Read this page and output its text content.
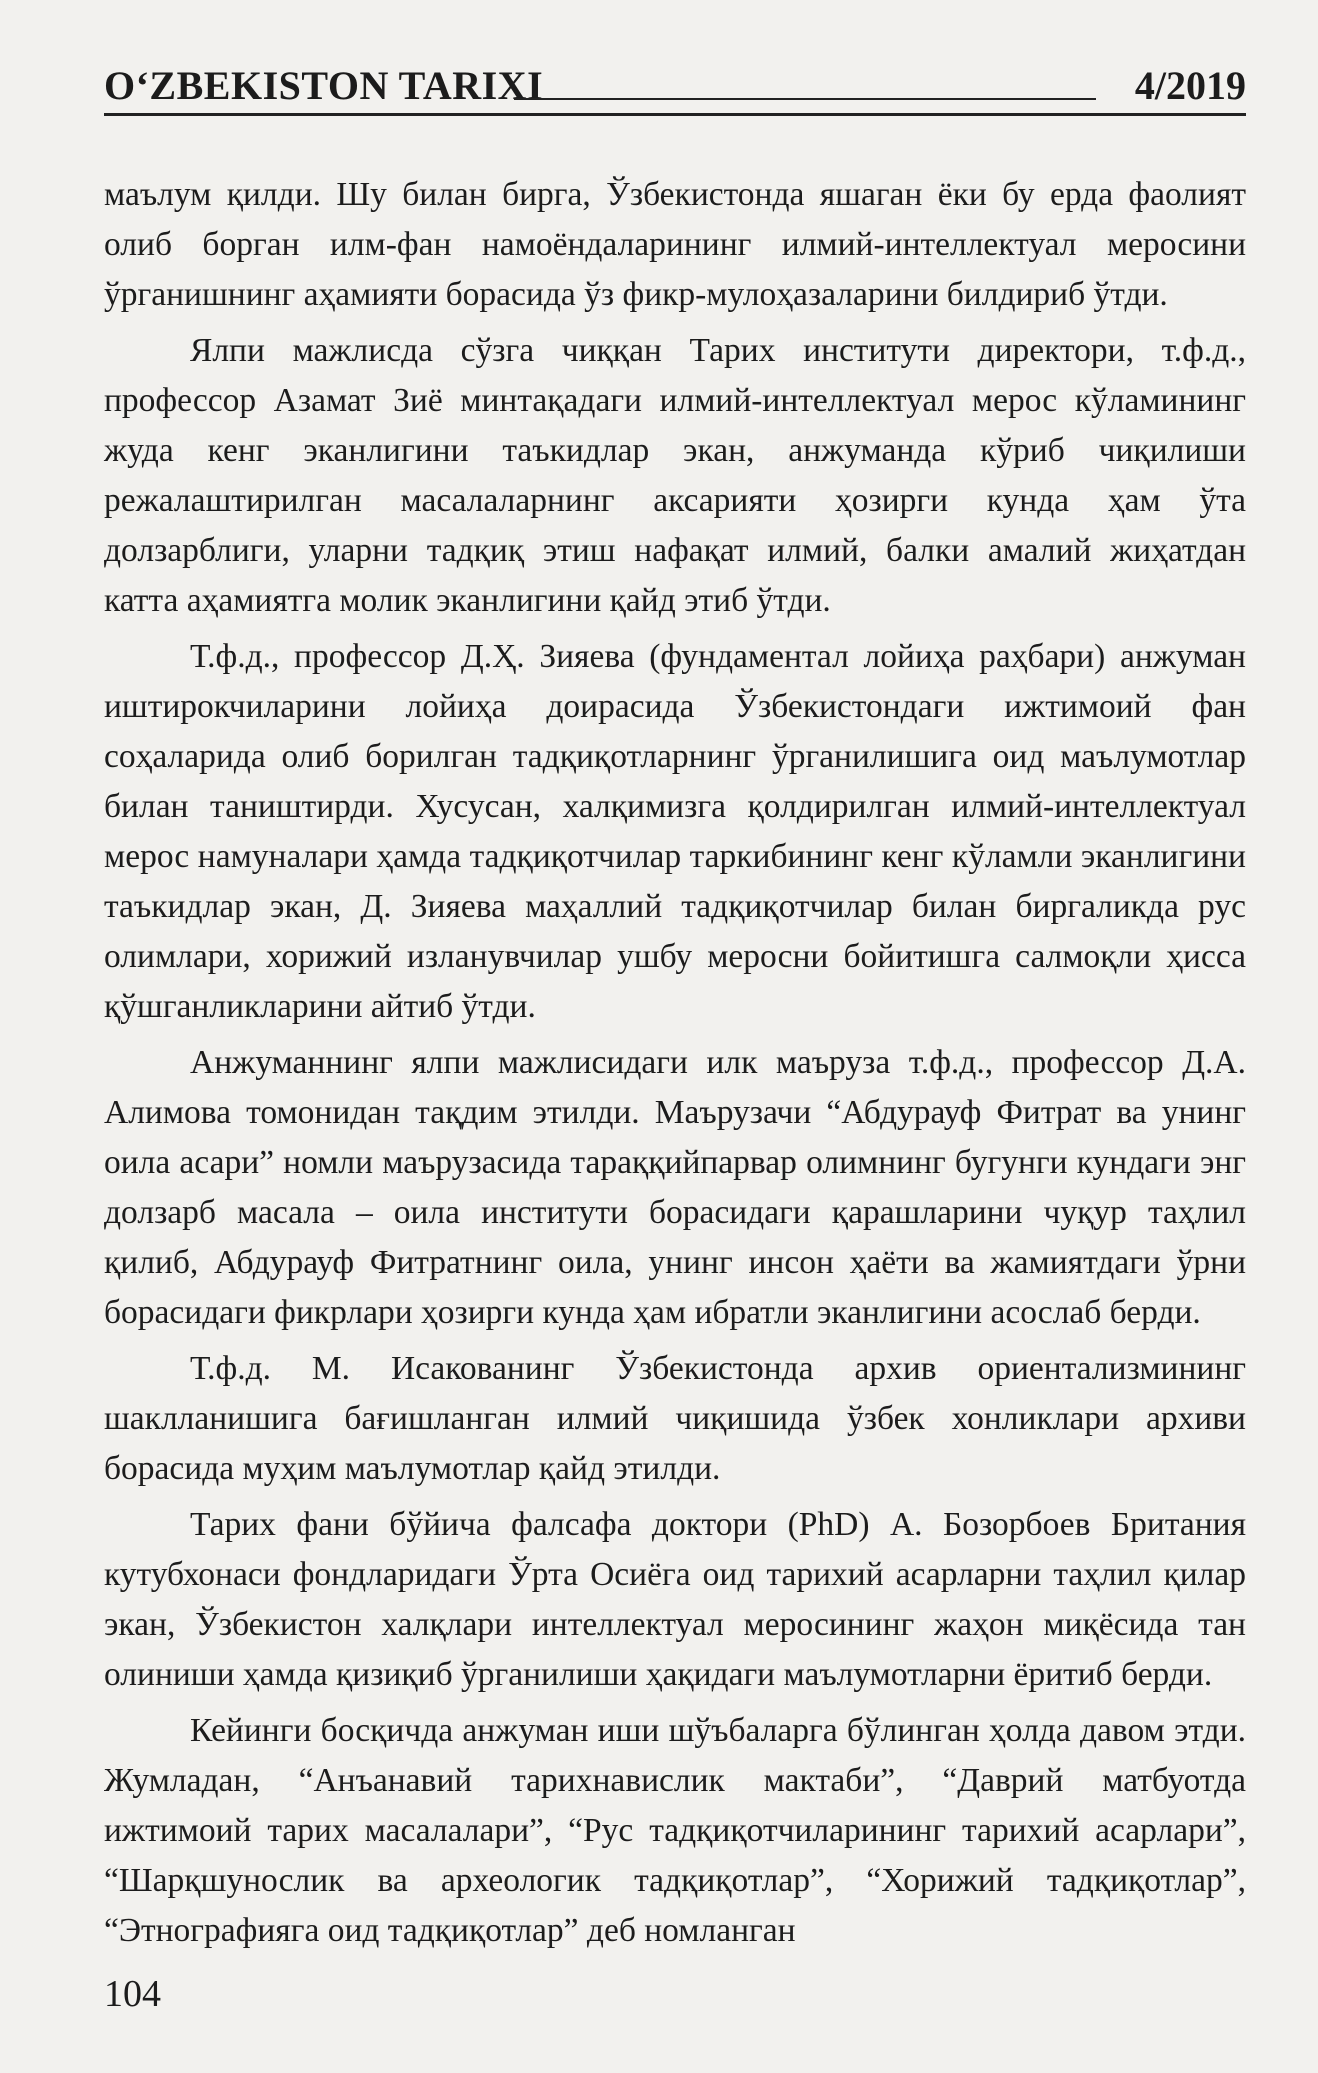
O‘ZBEKISTON TARIXI	4/2019

маълум қилди. Шу билан бирга, Ўзбекистонда яшаган ёки бу ерда фаолият олиб борган илм-фан намоёндаларининг илмий-интеллектуал меросини ўрганишнинг аҳамияти борасида ўз фикр-мулоҳазаларини билдириб ўтди.

Ялпи мажлисда сўзга чиққан Тарих институти директори, т.ф.д., профессор Азамат Зиё минтақадаги илмий-интеллектуал мерос кўламининг жуда кенг эканлигини таъкидлар экан, анжуманда кўриб чиқилиши режалаштирилган масалаларнинг аксарияти ҳозирги кунда ҳам ўта долзарблиги, уларни тадқиқ этиш нафақат илмий, балки амалий жиҳатдан катта аҳамиятга молик эканлигини қайд этиб ўтди.

Т.ф.д., профессор Д.Ҳ. Зияева (фундаментал лойиҳа раҳбари) анжуман иштирокчиларини лойиҳа доирасида Ўзбекистондаги ижтимоий фан соҳаларида олиб борилган тадқиқотларнинг ўрганилишига оид маълумотлар билан таништирди. Хусусан, халқимизга қолдирилган илмий-интеллектуал мерос намуналари ҳамда тадқиқотчилар таркибининг кенг кўламли эканлигини таъкидлар экан, Д. Зияева маҳаллий тадқиқотчилар билан биргаликда рус олимлари, хорижий изланувчилар ушбу меросни бойитишга салмоқли ҳисса қўшганликларини айтиб ўтди.

Анжуманнинг ялпи мажлисидаги илк маъруза т.ф.д., профессор Д.А. Алимова томонидан тақдим этилди. Маърузачи “Абдурауф Фитрат ва унинг оила асари” номли маърузасида тараққийпарвар олимнинг бугунги кундаги энг долзарб масала – оила институти борасидаги қарашларини чуқур таҳлил қилиб, Абдурауф Фитратнинг оила, унинг инсон ҳаёти ва жамиятдаги ўрни борасидаги фикрлари ҳозирги кунда ҳам ибратли эканлигини асослаб берди.

Т.ф.д. М. Исакованинг Ўзбекистонда архив ориентализмининг шаклланишига бағишланган илмий чиқишида ўзбек хонликлари архиви борасида муҳим маълумотлар қайд этилди.

Тарих фани бўйича фалсафа доктори (PhD) А. Бозорбоев Британия кутубхонаси фондларидаги Ўрта Осиёга оид тарихий асарларни таҳлил қилар экан, Ўзбекистон халқлари интеллектуал меросининг жаҳон миқёсида тан олиниши ҳамда қизиқиб ўрганилиши ҳақидаги маълумотларни ёритиб берди.

Кейинги босқичда анжуман иши шўъбаларга бўлинган ҳолда давом этди. Жумладан, “Анъанавий тарихнавислик мактаби”, “Даврий матбуотда ижтимоий тарих масалалари”, “Рус тадқиқотчиларининг тарихий асарлари”, “Шарқшунослик ва археологик тадқиқотлар”, “Хорижий тадқиқотлар”, “Этнографияга оид тадқиқотлар” деб номланган

104
